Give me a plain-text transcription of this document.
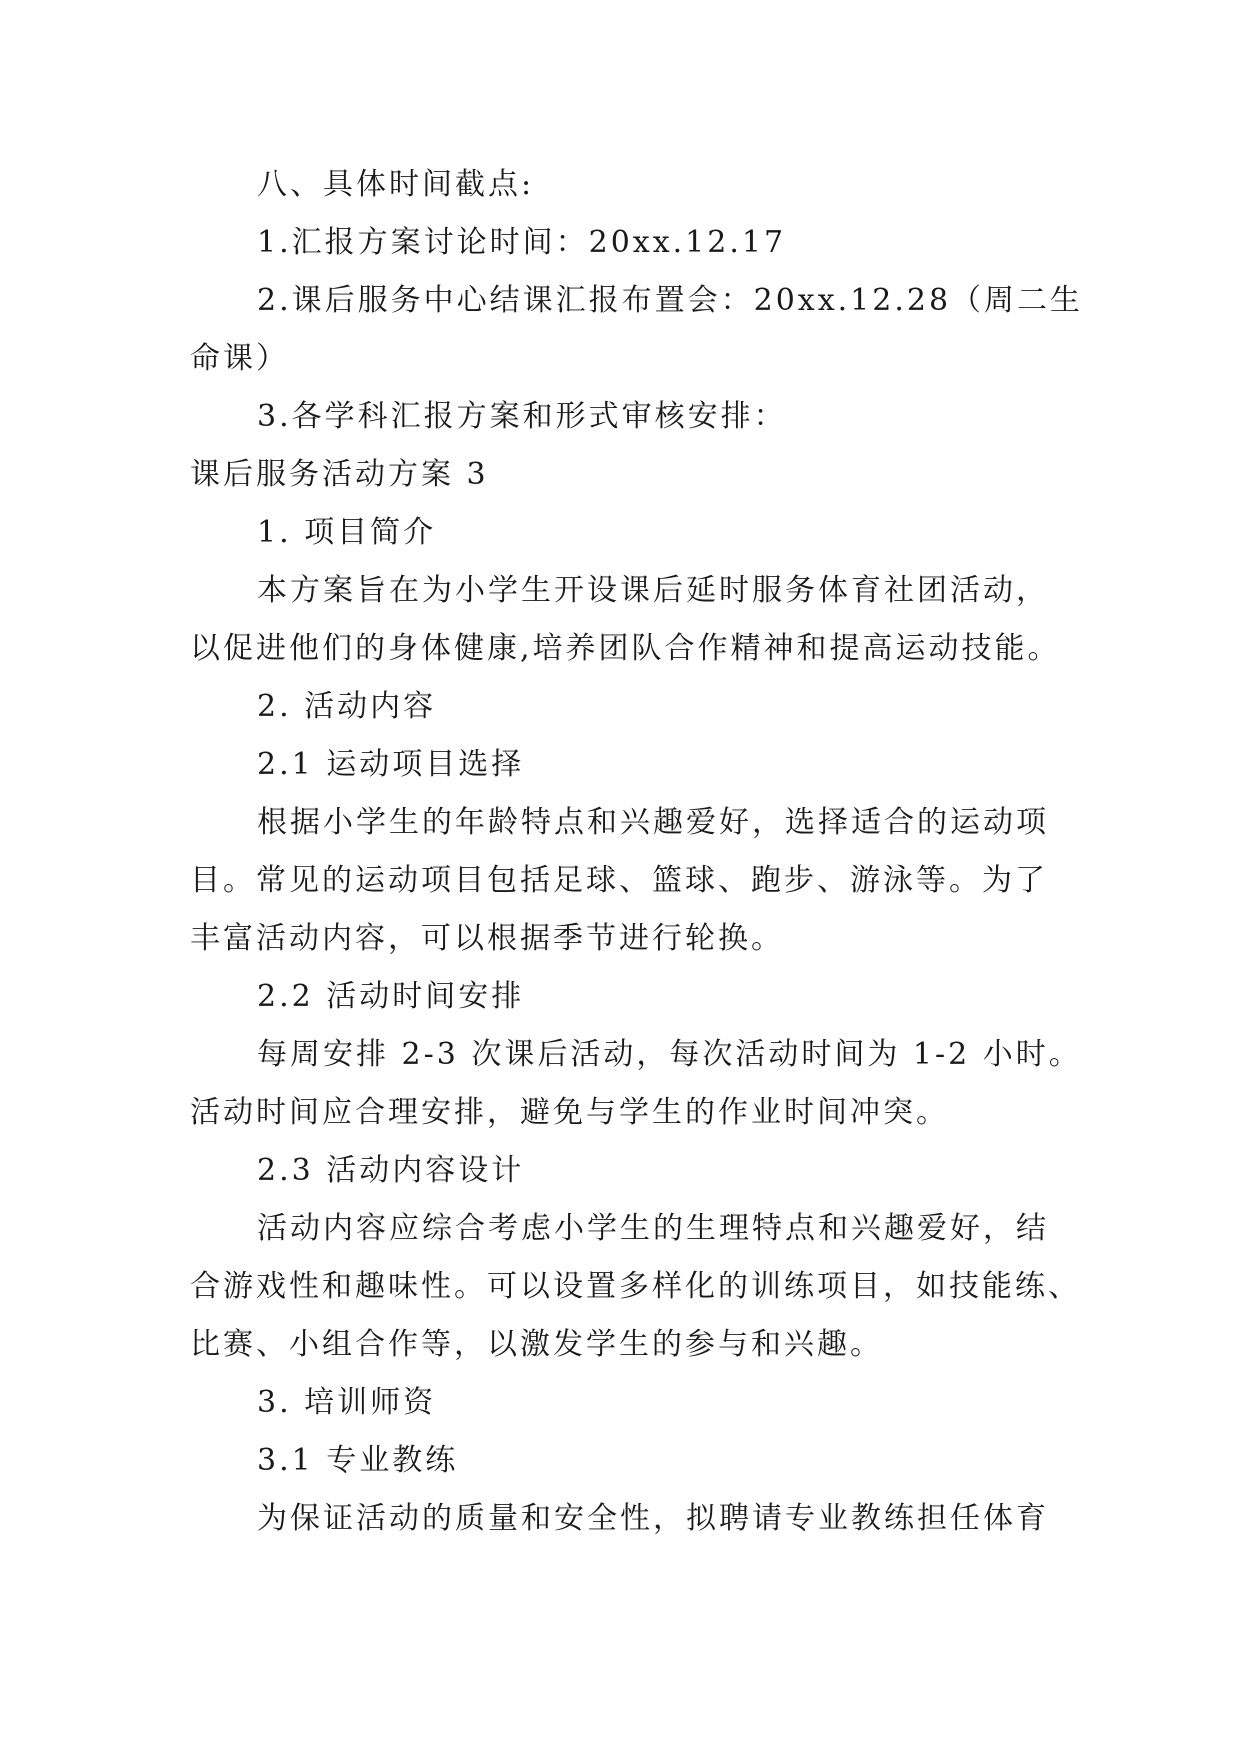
八、具体时间截点:
1.汇报方案讨论时间：20xx.12.17
2.课后服务中心结课汇报布置会：20xx.12.28（周二生
命课）
3.各学科汇报方案和形式审核安排：
课后服务活动方案 3
1. 项目简介
本方案旨在为小学生开设课后延时服务体育社团活动，
以促进他们的身体健康,培养团队合作精神和提高运动技能。
2. 活动内容
2.1 运动项目选择
根据小学生的年龄特点和兴趣爱好，选择适合的运动项
目。常见的运动项目包括足球、篮球、跑步、游泳等。为了
丰富活动内容，可以根据季节进行轮换。
2.2 活动时间安排
每周安排 2-3 次课后活动，每次活动时间为 1-2 小时。
活动时间应合理安排，避免与学生的作业时间冲突。
2.3 活动内容设计
活动内容应综合考虑小学生的生理特点和兴趣爱好，结
合游戏性和趣味性。可以设置多样化的训练项目，如技能练、
比赛、小组合作等，以激发学生的参与和兴趣。
3. 培训师资
3.1 专业教练
为保证活动的质量和安全性，拟聘请专业教练担任体育
